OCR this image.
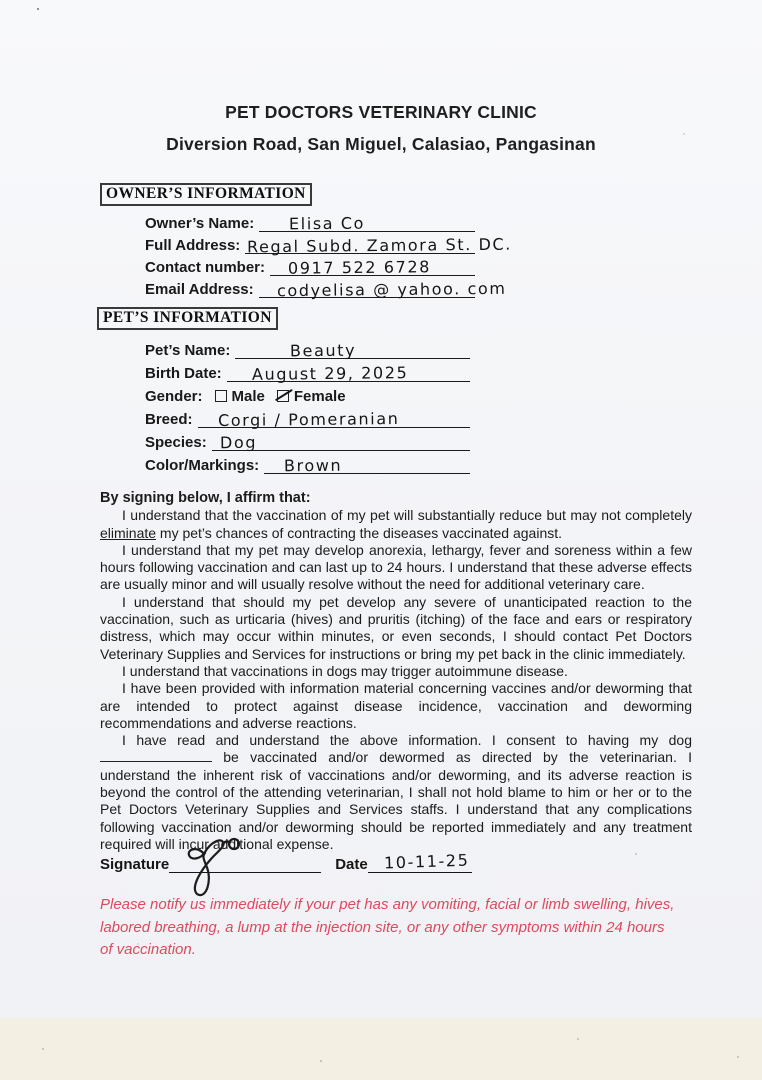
PET DOCTORS VETERINARY CLINIC
Diversion Road, San Miguel, Calasiao, Pangasinan
OWNER’S INFORMATION
Owner’s Name:	Elisa Co
Full Address: Regal Subd. Zamora St. DC.
Contact number:	0917 522 6728
Email Address:	codyelisa @ yahoo. com
PET’S INFORMATION
Pet’s Name:	Beauty
Birth Date:	August 29, 2025
Gender:	Male	Female
Breed:	Corgi / Pomeranian
Species: Dog
Color/Markings:	Brown
By signing below, I affirm that:

I understand that the vaccination of my pet will substantially reduce but may not completely eliminate my pet’s chances of contracting the diseases vaccinated against.

I understand that my pet may develop anorexia, lethargy, fever and soreness within a few hours following vaccination and can last up to 24 hours. I understand that these adverse effects are usually minor and will usually resolve without the need for additional veterinary care.

I understand that should my pet develop any severe of unanticipated reaction to the vaccination, such as urticaria (hives) and pruritis (itching) of the face and ears or respiratory distress, which may occur within minutes, or even seconds, I should contact Pet Doctors Veterinary Supplies and Services for instructions or bring my pet back in the clinic immediately.

I understand that vaccinations in dogs may trigger autoimmune disease.

I have been provided with information material concerning vaccines and/or deworming that are intended to protect against disease incidence, vaccination and deworming recommendations and adverse reactions.

I have read and understand the above information. I consent to having my dog  be vaccinated and/or dewormed as directed by the veterinarian. I understand the inherent risk of vaccinations and/or deworming, and its adverse reaction is beyond the control of the attending veterinarian, I shall not hold blame to him or her or to the Pet Doctors Veterinary Supplies and Services staffs. I understand that any complications following vaccination and/or deworming should be reported immediately and any treatment required will incur additional expense.

Signature	Date 10-11-25
Please notify us immediately if your pet has any vomiting, facial or limb swelling, hives, labored breathing, a lump at the injection site, or any other symptoms within 24 hours of vaccination.
